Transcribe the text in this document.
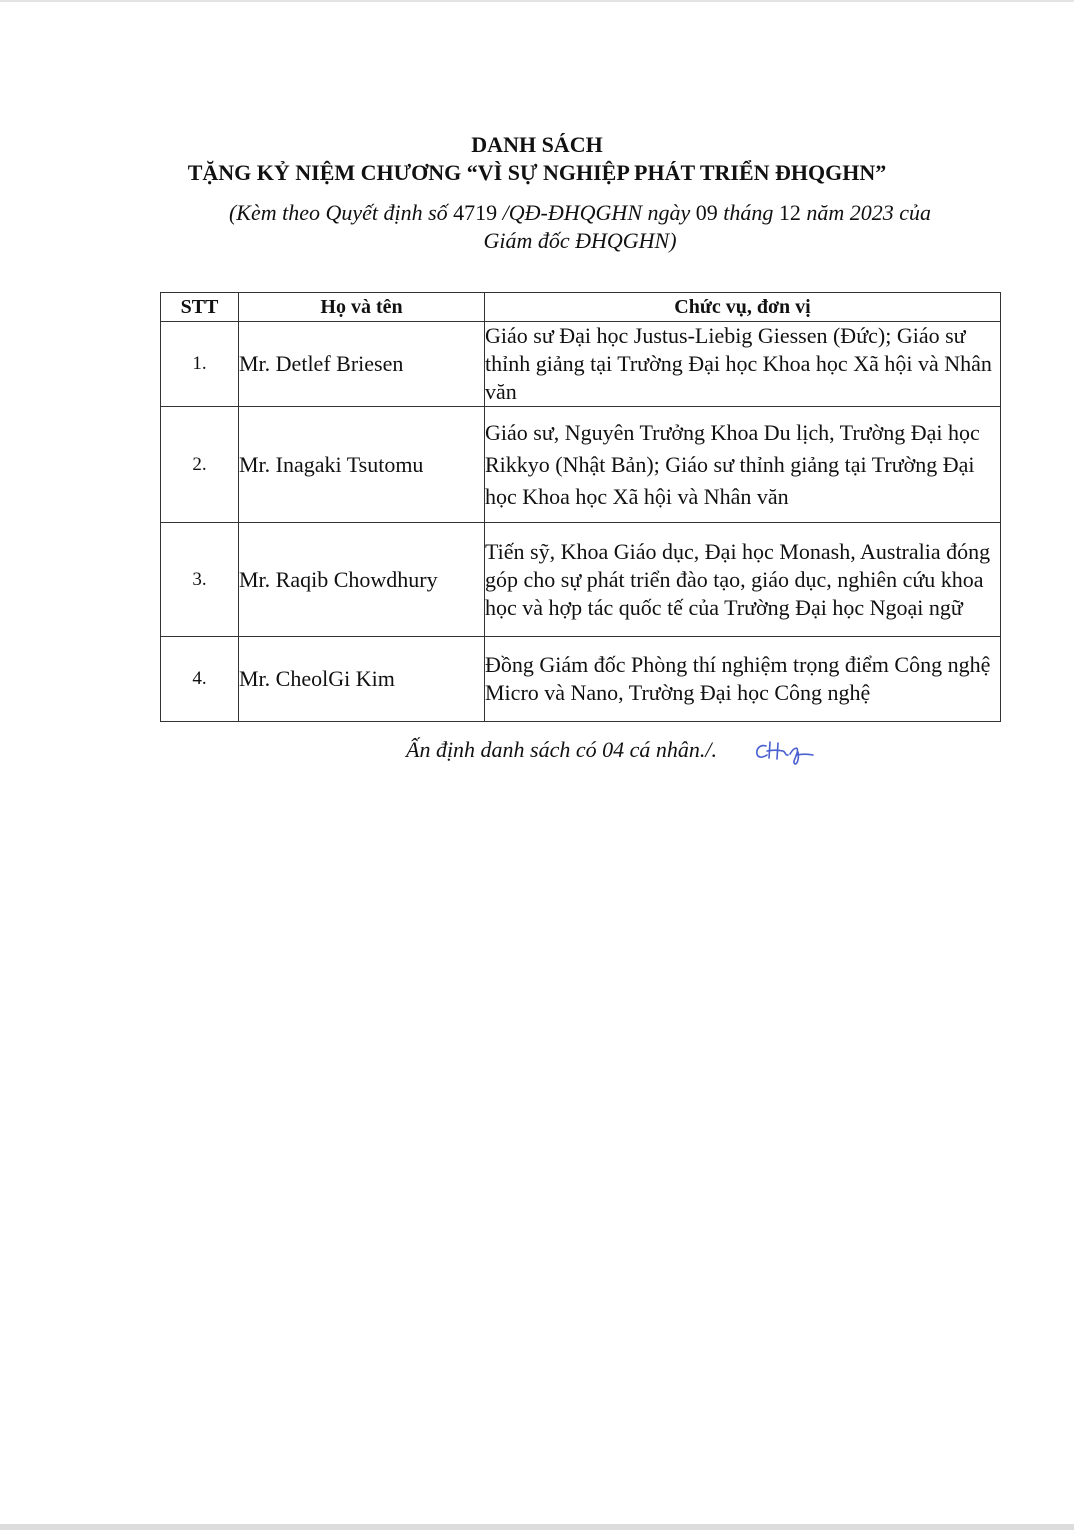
DANH SÁCH
TẶNG KỶ NIỆM CHƯƠNG “VÌ SỰ NGHIỆP PHÁT TRIỂN ĐHQGHN”
(Kèm theo Quyết định số 4719 /QĐ-ĐHQGHN ngày 09 tháng 12 năm 2023 của
Giám đốc ĐHQGHN)
STT	Họ và tên	Chức vụ, đơn vị
1.	Mr. Detlef Briesen	Giáo sư Đại học Justus-Liebig Giessen (Đức); Giáo sư thỉnh giảng tại Trường Đại học Khoa học Xã hội và Nhân văn
2.	Mr. Inagaki Tsutomu	Giáo sư, Nguyên Trưởng Khoa Du lịch, Trường Đại học Rikkyo (Nhật Bản); Giáo sư thỉnh giảng tại Trường Đại học Khoa học Xã hội và Nhân văn
3.	Mr. Raqib Chowdhury	Tiến sỹ, Khoa Giáo dục, Đại học Monash, Australia đóng góp cho sự phát triển đào tạo, giáo dục, nghiên cứu khoa học và hợp tác quốc tế của Trường Đại học Ngoại ngữ
4.	Mr. CheolGi Kim	Đồng Giám đốc Phòng thí nghiệm trọng điểm Công nghệ Micro và Nano, Trường Đại học Công nghệ
Ấn định danh sách có 04 cá nhân./.
